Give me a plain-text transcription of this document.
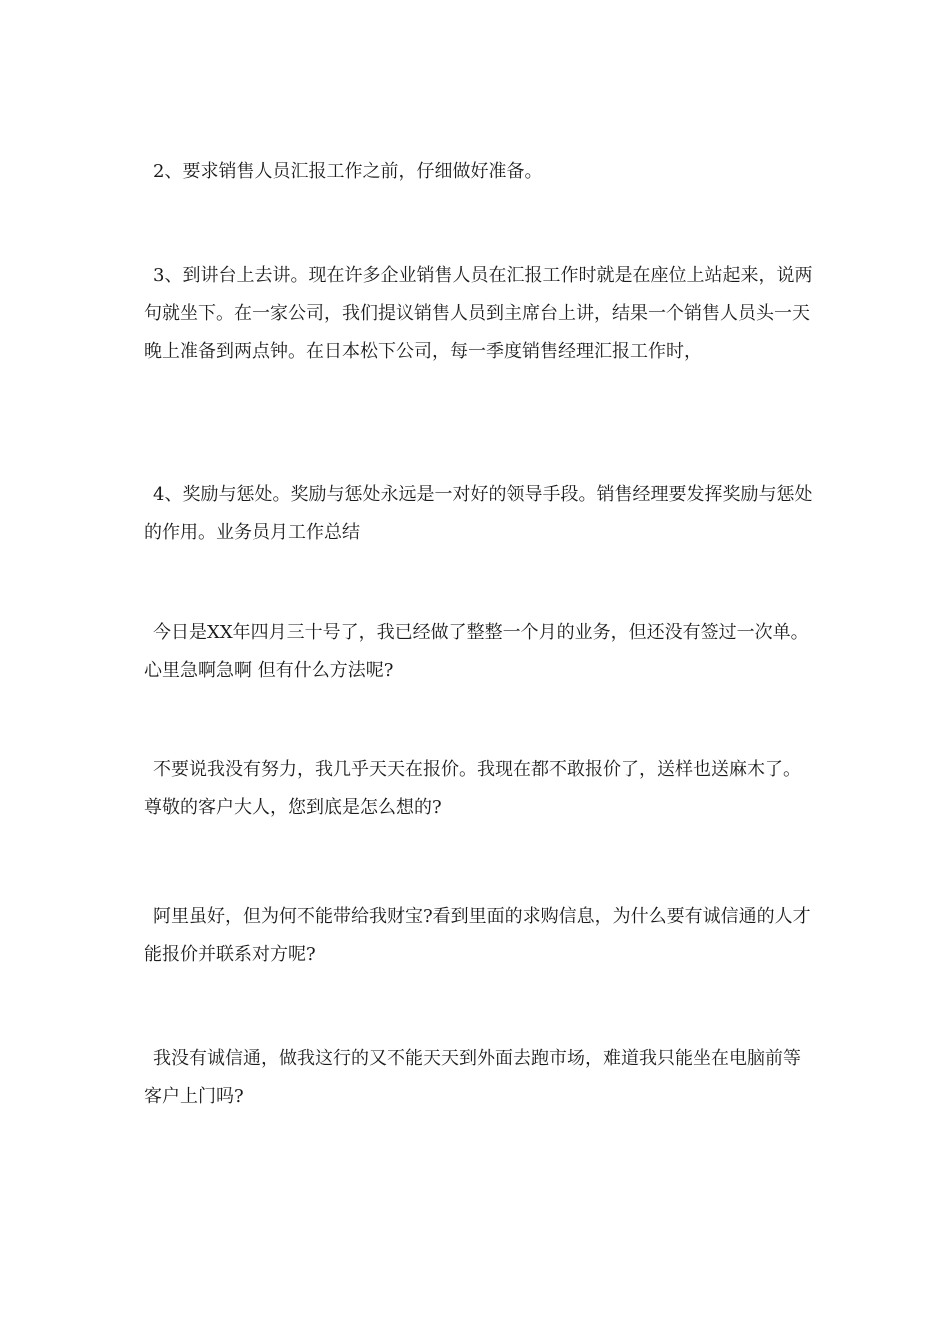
2、要求销售人员汇报工作之前，仔细做好准备。

3、到讲台上去讲。现在许多企业销售人员在汇报工作时就是在座位上站起来，说两句就坐下。在一家公司，我们提议销售人员到主席台上讲，结果一个销售人员头一天晚上准备到两点钟。在日本松下公司，每一季度销售经理汇报工作时，

4、奖励与惩处。奖励与惩处永远是一对好的领导手段。销售经理要发挥奖励与惩处的作用。业务员月工作总结

今日是XX年四月三十号了，我已经做了整整一个月的业务，但还没有签过一次单。心里急啊急啊 但有什么方法呢?

不要说我没有努力，我几乎天天在报价。我现在都不敢报价了，送样也送麻木了。尊敬的客户大人，您到底是怎么想的?

阿里虽好，但为何不能带给我财宝?看到里面的求购信息，为什么要有诚信通的人才能报价并联系对方呢?

我没有诚信通，做我这行的又不能天天到外面去跑市场，难道我只能坐在电脑前等客户上门吗?
